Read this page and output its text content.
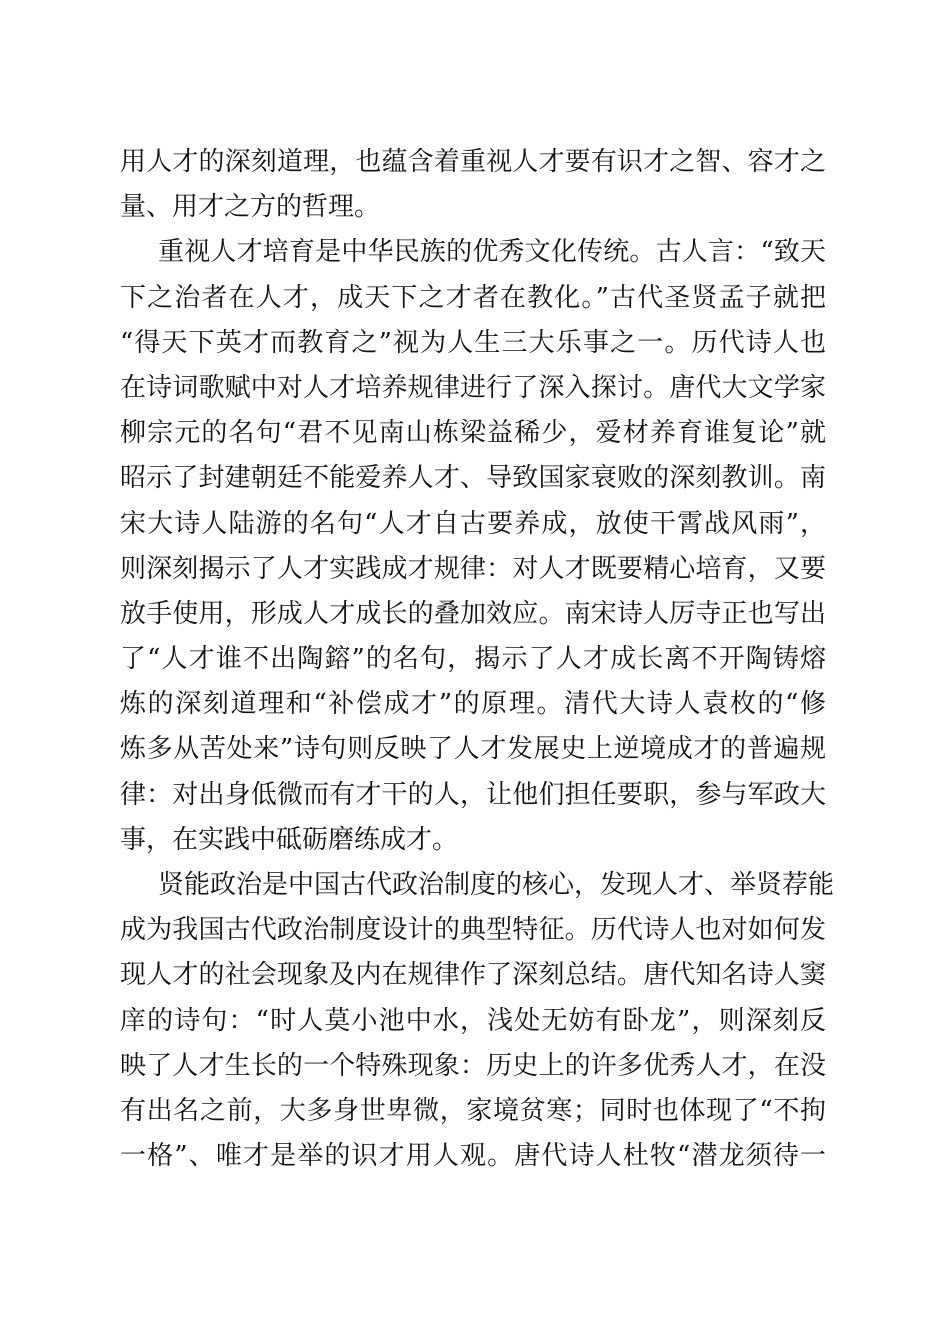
用人才的深刻道理，也蕴含着重视人才要有识才之智、容才之
量、用才之方的哲理。
重视人才培育是中华民族的优秀文化传统。古人言：“致天
下之治者在人才，成天下之才者在教化。”古代圣贤孟子就把
“得天下英才而教育之”视为人生三大乐事之一。历代诗人也
在诗词歌赋中对人才培养规律进行了深入探讨。唐代大文学家
柳宗元的名句“君不见南山栋梁益稀少，爱材养育谁复论”就
昭示了封建朝廷不能爱养人才、导致国家衰败的深刻教训。南
宋大诗人陆游的名句“人才自古要养成，放使干霄战风雨”，
则深刻揭示了人才实践成才规律：对人才既要精心培育，又要
放手使用，形成人才成长的叠加效应。南宋诗人厉寺正也写出
了“人才谁不出陶鎔”的名句，揭示了人才成长离不开陶铸熔
炼的深刻道理和“补偿成才”的原理。清代大诗人袁枚的“修
炼多从苦处来”诗句则反映了人才发展史上逆境成才的普遍规
律：对出身低微而有才干的人，让他们担任要职，参与军政大
事，在实践中砥砺磨练成才。
贤能政治是中国古代政治制度的核心，发现人才、举贤荐能
成为我国古代政治制度设计的典型特征。历代诗人也对如何发
现人才的社会现象及内在规律作了深刻总结。唐代知名诗人窦
庠的诗句：“时人莫小池中水，浅处无妨有卧龙”，则深刻反
映了人才生长的一个特殊现象：历史上的许多优秀人才，在没
有出名之前，大多身世卑微，家境贫寒；同时也体现了“不拘
一格”、唯才是举的识才用人观。唐代诗人杜牧“潜龙须待一
